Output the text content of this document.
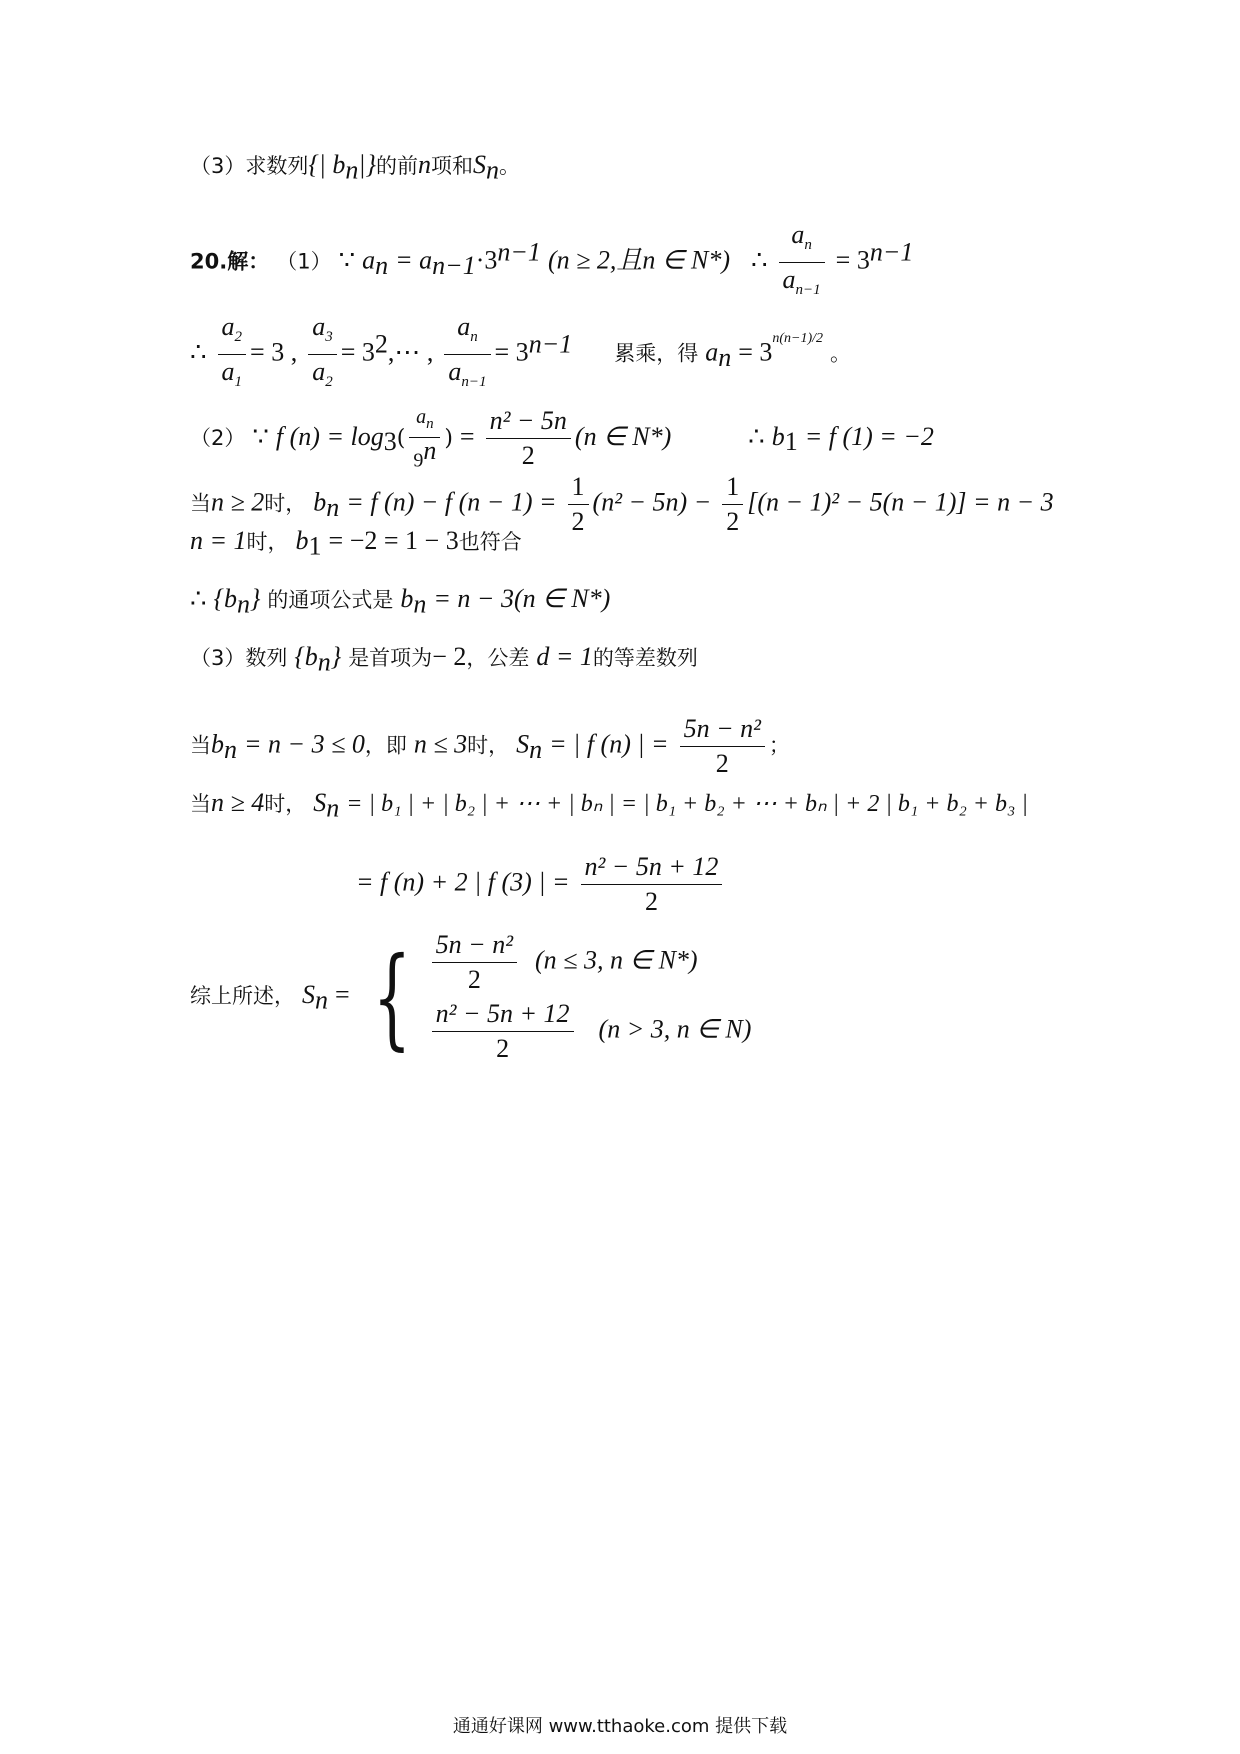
（3）求数列{| $b_n|$}的前n项和$S_n$。
20.解： （1） ∵ $a_n = a_{n-1}\cdot 3^{n-1}$ (n ≥ 2,且n ∈ N*) ∴ $\frac{a_n}{a_{n-1}} = 3^{n-1}$
∴ $\frac{a_2}{a_1} = 3$ , $\frac{a_3}{a_2}$ = $3^2,\cdots$ , $\frac{a_n}{a_{n-1}} = 3^{n-1}$ 累乘，得 $a_n = 3^{n(n-1)/2}$ 。
（2） ∵ f $(n) = \log_3( \frac{a_n}{9^n}$ ) = $\frac{\text{n² − 5n}}{2} (n$ ∈ N*)	∴ $b_1 = f$ (1) = −2
当n ≥ 2时， $b_n = f$ (n) − f $(n - 1) = \frac{1}{2} (n^2 - 5n) - \frac{1}{2} [(n - 1)^2 - 5(n - 1)] = n - 3$
n = 1时， $b_1 = -2 = 1 - 3$也符合
∴ $\{b_n\}$ 的通项公式是 $b_n = n - 3(n$ ∈ N*)
（3）数列 $\{b_n\}$ 是首项为− 2，公差 d = 1的等差数列
当$b_n = n - 3 \le 0$，即 n ≤ 3时， $S_n$ = | f (n) | = $\frac{\text{5n − n²}}{2}$ ；
当n ≥ 4时， $S_n$ = | b₁ | + | b₂ | + ⋯ + | bₙ | = | b₁ + b₂ + ⋯ + bₙ | + 2 | b₁ + b₂ + b₃ |
= f (n) + 2 | f (3) | = $\frac{\text{n² − 5n + 12}}{2}$
综上所述， $S_n$ = { $\frac{\text{5n − n²}}{2} (n \le 3$, n ∈ N*)
$\frac{\text{n² − 5n + 12}}{2} (n > 3$, n ∈ N)
通通好课网 www.tthaoke.com 提供下载
